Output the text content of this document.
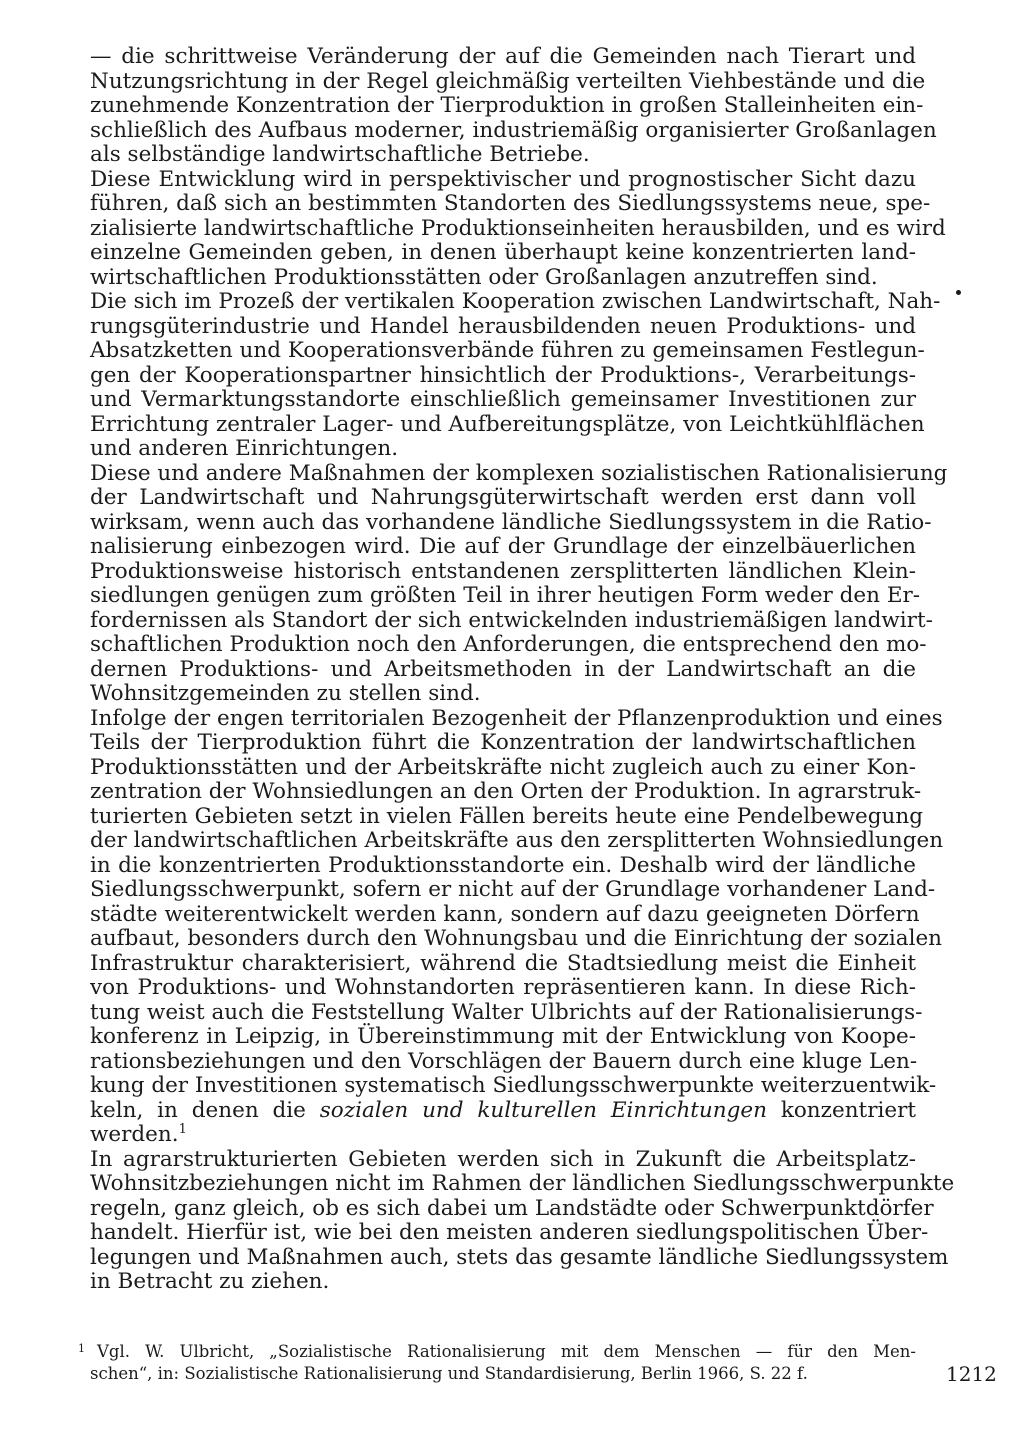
— die schrittweise Veränderung der auf die Gemeinden nach Tierart und
Nutzungsrichtung in der Regel gleichmäßig verteilten Viehbestände und die
zunehmende Konzentration der Tierproduktion in großen Stalleinheiten ein-
schließlich des Aufbaus moderner, industriemäßig organisierter Großanlagen
als selbständige landwirtschaftliche Betriebe.
Diese Entwicklung wird in perspektivischer und prognostischer Sicht dazu
führen, daß sich an bestimmten Standorten des Siedlungssystems neue, spe-
zialisierte landwirtschaftliche Produktionseinheiten herausbilden, und es wird
einzelne Gemeinden geben, in denen überhaupt keine konzentrierten land-
wirtschaftlichen Produktionsstätten oder Großanlagen anzutreffen sind.
Die sich im Prozeß der vertikalen Kooperation zwischen Landwirtschaft, Nah-
rungsgüterindustrie und Handel herausbildenden neuen Produktions- und
Absatzketten und Kooperationsverbände führen zu gemeinsamen Festlegun-
gen der Kooperationspartner hinsichtlich der Produktions-, Verarbeitungs-
und Vermarktungsstandorte einschließlich gemeinsamer Investitionen zur
Errichtung zentraler Lager- und Aufbereitungsplätze, von Leichtkühlflächen
und anderen Einrichtungen.
Diese und andere Maßnahmen der komplexen sozialistischen Rationalisierung
der Landwirtschaft und Nahrungsgüterwirtschaft werden erst dann voll
wirksam, wenn auch das vorhandene ländliche Siedlungssystem in die Ratio-
nalisierung einbezogen wird. Die auf der Grundlage der einzelbäuerlichen
Produktionsweise historisch entstandenen zersplitterten ländlichen Klein-
siedlungen genügen zum größten Teil in ihrer heutigen Form weder den Er-
fordernissen als Standort der sich entwickelnden industriemäßigen landwirt-
schaftlichen Produktion noch den Anforderungen, die entsprechend den mo-
dernen Produktions- und Arbeitsmethoden in der Landwirtschaft an die
Wohnsitzgemeinden zu stellen sind.
Infolge der engen territorialen Bezogenheit der Pflanzenproduktion und eines
Teils der Tierproduktion führt die Konzentration der landwirtschaftlichen
Produktionsstätten und der Arbeitskräfte nicht zugleich auch zu einer Kon-
zentration der Wohnsiedlungen an den Orten der Produktion. In agrarstruk-
turierten Gebieten setzt in vielen Fällen bereits heute eine Pendelbewegung
der landwirtschaftlichen Arbeitskräfte aus den zersplitterten Wohnsiedlungen
in die konzentrierten Produktionsstandorte ein. Deshalb wird der ländliche
Siedlungsschwerpunkt, sofern er nicht auf der Grundlage vorhandener Land-
städte weiterentwickelt werden kann, sondern auf dazu geeigneten Dörfern
aufbaut, besonders durch den Wohnungsbau und die Einrichtung der sozialen
Infrastruktur charakterisiert, während die Stadtsiedlung meist die Einheit
von Produktions- und Wohnstandorten repräsentieren kann. In diese Rich-
tung weist auch die Feststellung Walter Ulbrichts auf der Rationalisierungs-
konferenz in Leipzig, in Übereinstimmung mit der Entwicklung von Koope-
rationsbeziehungen und den Vorschlägen der Bauern durch eine kluge Len-
kung der Investitionen systematisch Siedlungsschwerpunkte weiterzuentwik-
keln, in denen die sozialen und kulturellen Einrichtungen konzentriert
werden.$^1$
In agrarstrukturierten Gebieten werden sich in Zukunft die Arbeitsplatz-
Wohnsitzbeziehungen nicht im Rahmen der ländlichen Siedlungsschwerpunkte
regeln, ganz gleich, ob es sich dabei um Landstädte oder Schwerpunktdörfer
handelt. Hierfür ist, wie bei den meisten anderen siedlungspolitischen Über-
legungen und Maßnahmen auch, stets das gesamte ländliche Siedlungssystem
in Betracht zu ziehen.
$^1$ Vgl. W. Ulbricht, „Sozialistische Rationalisierung mit dem Menschen — für den Men-
schen“, in: Sozialistische Rationalisierung und Standardisierung, Berlin 1966, S. 22 f.	1212
